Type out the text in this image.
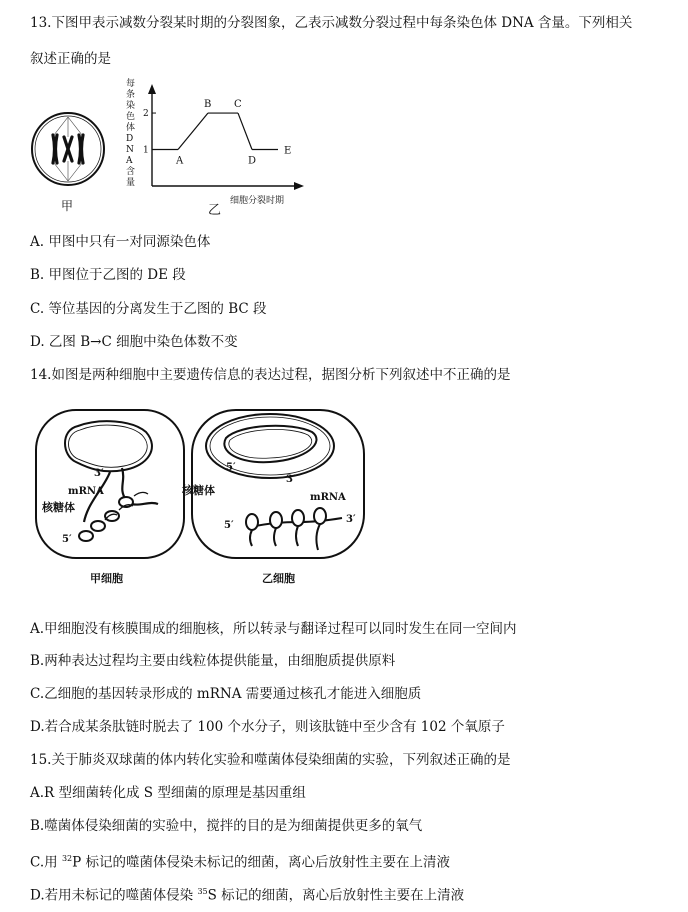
13.下图甲表示减数分裂某时期的分裂图象，乙表示减数分裂过程中每条染色体 DNA 含量。下列相关
叙述正确的是
甲
每
条
染
色
体
D
N
A
含
量
1
2
A
B C
D
E
细胞分裂时期
乙
A. 甲图中只有一对同源染色体
B. 甲图位于乙图的 DE 段
C. 等位基因的分离发生于乙图的 BC 段
D. 乙图 B→C 细胞中染色体数不变
14.如图是两种细胞中主要遗传信息的表达过程，据图分析下列叙述中不正确的是
3′
mRNA
核糖体
5′
甲细胞
5′
3′
核糖体
mRNA
3′
5′
乙细胞
A.甲细胞没有核膜围成的细胞核，所以转录与翻译过程可以同时发生在同一空间内
B.两种表达过程均主要由线粒体提供能量，由细胞质提供原料
C.乙细胞的基因转录形成的 mRNA 需要通过核孔才能进入细胞质
D.若合成某条肽链时脱去了 100 个水分子，则该肽链中至少含有 102 个氧原子
15.关于肺炎双球菌的体内转化实验和噬菌体侵染细菌的实验，下列叙述正确的是
A.R 型细菌转化成 S 型细菌的原理是基因重组
B.噬菌体侵染细菌的实验中，搅拌的目的是为细菌提供更多的氧气
C.用 $^{32}$P 标记的噬菌体侵染未标记的细菌，离心后放射性主要在上清液
D.若用未标记的噬菌体侵染 $^{35}$S 标记的细菌，离心后放射性主要在上清液
